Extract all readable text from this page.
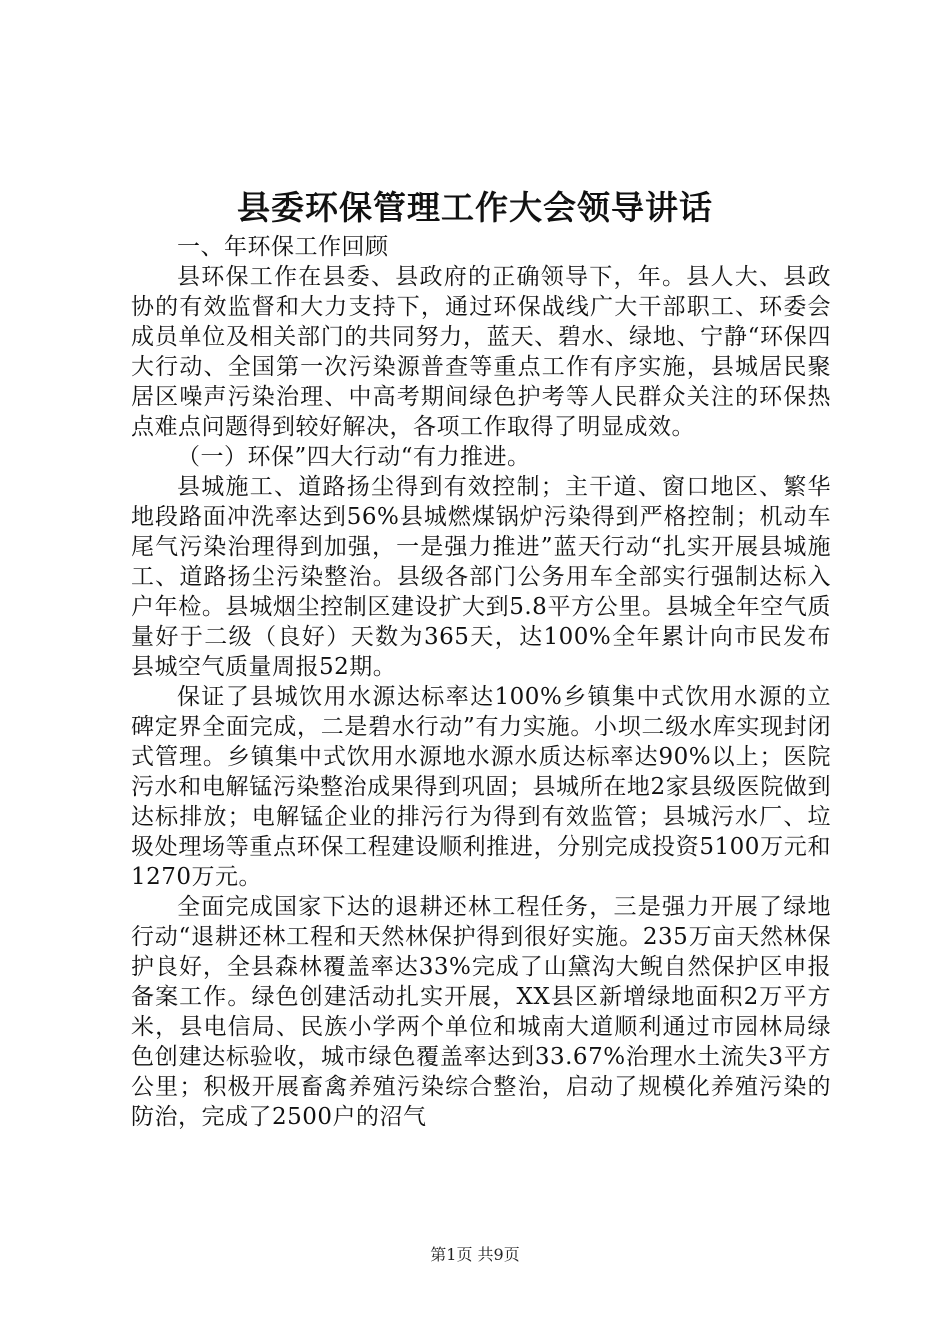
县委环保管理工作大会领导讲话

一、年环保工作回顾

县环保工作在县委、县政府的正确领导下，年。县人大、县政协的有效监督和大力支持下，通过环保战线广大干部职工、环委会成员单位及相关部门的共同努力，蓝天、碧水、绿地、宁静“环保四大行动、全国第一次污染源普查等重点工作有序实施，县城居民聚居区噪声污染治理、中高考期间绿色护考等人民群众关注的环保热点难点问题得到较好解决，各项工作取得了明显成效。

（一）环保”四大行动“有力推进。

县城施工、道路扬尘得到有效控制；主干道、窗口地区、繁华地段路面冲洗率达到56%县城燃煤锅炉污染得到严格控制；机动车尾气污染治理得到加强，一是强力推进”蓝天行动“扎实开展县城施工、道路扬尘污染整治。县级各部门公务用车全部实行强制达标入户年检。县城烟尘控制区建设扩大到5.8平方公里。县城全年空气质量好于二级（良好）天数为365天，达100%全年累计向市民发布县城空气质量周报52期。

保证了县城饮用水源达标率达100%乡镇集中式饮用水源的立碑定界全面完成，二是碧水行动”有力实施。小坝二级水库实现封闭式管理。乡镇集中式饮用水源地水源水质达标率达90%以上；医院污水和电解锰污染整治成果得到巩固；县城所在地2家县级医院做到达标排放；电解锰企业的排污行为得到有效监管；县城污水厂、垃圾处理场等重点环保工程建设顺利推进，分别完成投资5100万元和1270万元。

全面完成国家下达的退耕还林工程任务，三是强力开展了绿地行动“退耕还林工程和天然林保护得到很好实施。235万亩天然林保护良好，全县森林覆盖率达33%完成了山黛沟大鲵自然保护区申报备案工作。绿色创建活动扎实开展，XX县区新增绿地面积2万平方米，县电信局、民族小学两个单位和城南大道顺利通过市园林局绿色创建达标验收，城市绿色覆盖率达到33.67%治理水土流失3平方公里；积极开展畜禽养殖污染综合整治，启动了规模化养殖污染的防治，完成了2500户的沼气

第1页 共9页
